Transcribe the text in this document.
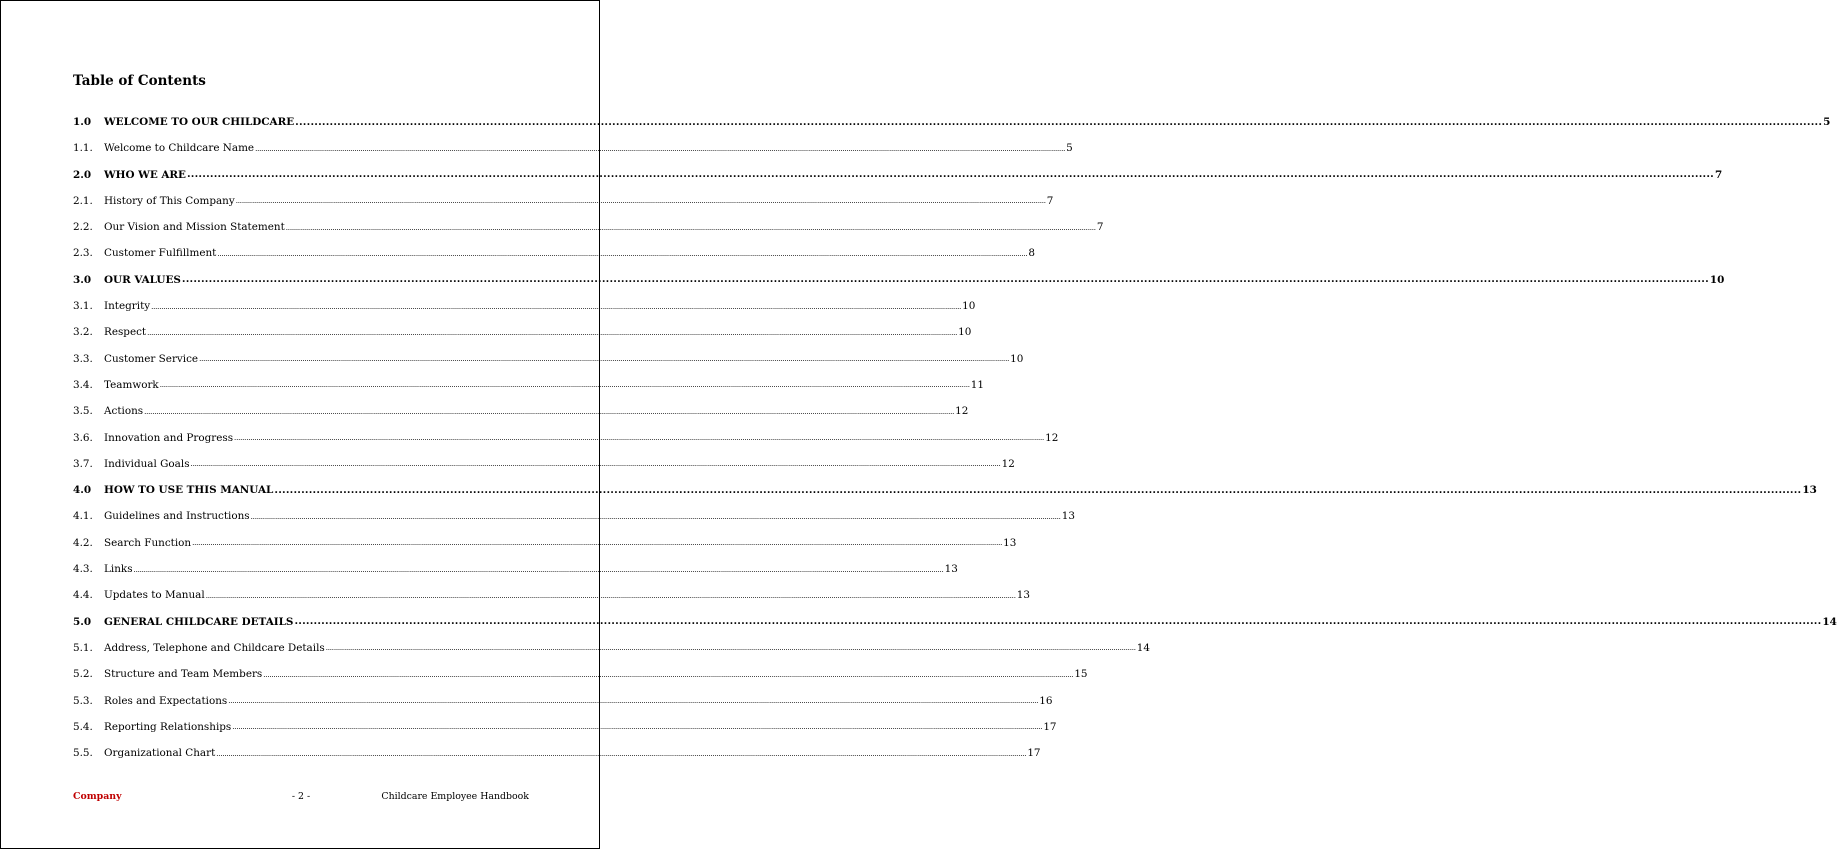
Table of Contents
1.0	WELCOME TO OUR CHILDCARE ................................................................................................................................................................................................................................................................................................................................................................................................................ 5
1.1.	Welcome to Childcare Name ................................................................................................................................................................................................................................................................................................................................................................................................................ 5
2.0	WHO WE ARE ................................................................................................................................................................................................................................................................................................................................................................................................................ 7
2.1.	History of This Company ................................................................................................................................................................................................................................................................................................................................................................................................................ 7
2.2.	Our Vision and Mission Statement ................................................................................................................................................................................................................................................................................................................................................................................................................ 7
2.3.	Customer Fulfillment ................................................................................................................................................................................................................................................................................................................................................................................................................ 8
3.0	OUR VALUES ................................................................................................................................................................................................................................................................................................................................................................................................................ 10
3.1.	Integrity ................................................................................................................................................................................................................................................................................................................................................................................................................ 10
3.2.	Respect ................................................................................................................................................................................................................................................................................................................................................................................................................ 10
3.3.	Customer Service ................................................................................................................................................................................................................................................................................................................................................................................................................ 10
3.4.	Teamwork ................................................................................................................................................................................................................................................................................................................................................................................................................ 11
3.5.	Actions ................................................................................................................................................................................................................................................................................................................................................................................................................ 12
3.6.	Innovation and Progress ................................................................................................................................................................................................................................................................................................................................................................................................................ 12
3.7.	Individual Goals ................................................................................................................................................................................................................................................................................................................................................................................................................ 12
4.0	HOW TO USE THIS MANUAL ................................................................................................................................................................................................................................................................................................................................................................................................................ 13
4.1.	Guidelines and Instructions ................................................................................................................................................................................................................................................................................................................................................................................................................ 13
4.2.	Search Function ................................................................................................................................................................................................................................................................................................................................................................................................................ 13
4.3.	Links ................................................................................................................................................................................................................................................................................................................................................................................................................ 13
4.4.	Updates to Manual ................................................................................................................................................................................................................................................................................................................................................................................................................ 13
5.0	GENERAL CHILDCARE DETAILS ................................................................................................................................................................................................................................................................................................................................................................................................................ 14
5.1.	Address, Telephone and Childcare Details ................................................................................................................................................................................................................................................................................................................................................................................................................ 14
5.2.	Structure and Team Members ................................................................................................................................................................................................................................................................................................................................................................................................................ 15
5.3.	Roles and Expectations ................................................................................................................................................................................................................................................................................................................................................................................................................ 16
5.4.	Reporting Relationships ................................................................................................................................................................................................................................................................................................................................................................................................................ 17
5.5.	Organizational Chart ................................................................................................................................................................................................................................................................................................................................................................................................................ 17
Company	- 2 -	Childcare Employee Handbook
